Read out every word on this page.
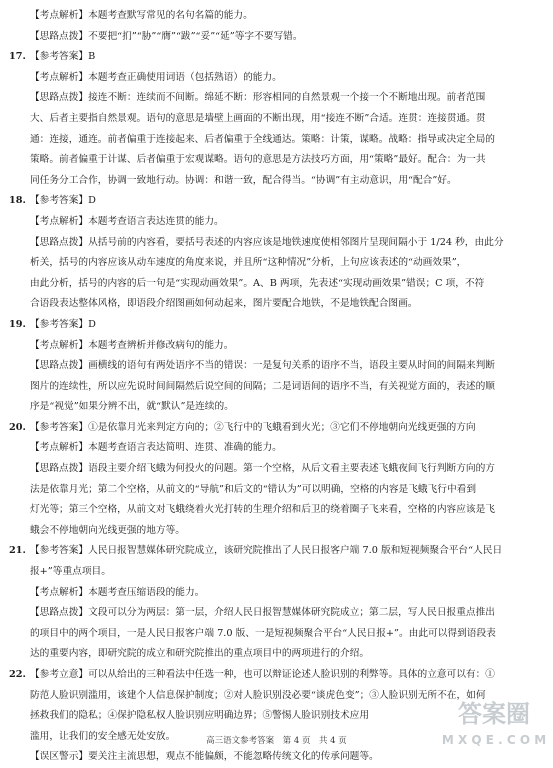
【考点解析】本题考查默写常见的名句名篇的能力。
【思路点拨】不要把“扪”“胁”“膺”“跋”“妥”“延”等字不要写错。
17. 【参考答案】B
【考点解析】本题考查正确使用词语（包括熟语）的能力。
【思路点拨】接连不断：连续而不间断。绵延不断：形容相同的自然景观一个接一个不断地出现。前者范围
大、后者主要指自然景观。语句的意思是墙壁上画面的不断出现，用“接连不断”合适。连贯：连接贯通。贯
通：连接，通连。前者偏重于连接起来、后者偏重于全线通达。策略：计策，谋略。战略：指导或决定全局的
策略。前者偏重于计谋、后者偏重于宏观谋略。语句的意思是方法技巧方面，用“策略”最好。配合：为一共
同任务分工合作，协调一致地行动。协调：和谐一致，配合得当。“协调”有主动意识，用“配合”好。
18. 【参考答案】D
【考点解析】本题考查语言表达连贯的能力。
【思路点拨】从括号前的内容看，要括号表述的内容应该是地铁速度使相邻图片呈现间隔小于 1/24 秒，由此分
析关，括号的内容应该从动车速度的角度来说，并且所“这种情况”分析，上句应该表述的“动画效果”，
由此分析，括号的内容的后一句是“实现动画效果”。A、B 两项，先表述“实现动画效果”错误；C 项，不符
合语段表达整体风格，即语段介绍图画如何动起来，图片要配合地铁，不是地铁配合图画。
19. 【参考答案】D
【考点解析】本题考查辨析并修改病句的能力。
【思路点拨】画横线的语句有两处语序不当的错误：一是复句关系的语序不当，语段主要从时间的间隔来判断
图片的连续性，所以应先说时间间隔然后说空间的间隔；二是词语间的语序不当，有关视觉方面的，表述的顺
序是“视觉”如果分辨不出，就“默认”是连续的。
20. 【参考答案】①是依靠月光来判定方向的；②飞行中的飞蛾看到火光；③它们不停地朝向光线更强的方向
【考点解析】本题考查语言表达简明、连贯、准确的能力。
【思路点拨】语段主要介绍飞蛾为何投火的问题。第一个空格，从后文看主要表述飞蛾夜间飞行判断方向的方
法是依靠月光；第二个空格，从前文的“导航”和后文的“错认为”可以明确，空格的内容是飞蛾飞行中看到
灯光等；第三个空格，从前文对飞蛾绕着火光打转的生理介绍和后卫的绕着圈子飞来看，空格的内容应该是飞
蛾会不停地朝向光线更强的地方等。
21. 【参考答案】人民日报智慧媒体研究院成立，该研究院推出了人民日报客户端 7.0 版和短视频聚合平台“人民日
报+”等重点项目。
【考点解析】本题考查压缩语段的能力。
【思路点拨】文段可以分为两层：第一层，介绍人民日报智慧媒体研究院成立；第二层，写人民日报重点推出
的项目中的两个项目，一是人民日报客户端 7.0 版、一是短视频聚合平台“人民日报+”。由此可以得到语段表
达的重要内容，即研究院的成立和研究院推出的重点项目中的两项进行的介绍。
22. 【参考立意】可以从给出的三种看法中任选一种，也可以辩证论述人脸识别的利弊等。具体的立意可以有：①
防范人脸识别滥用，该建个人信息保护制度；②对人脸识别没必要“谈虎色变”；③人脸识别无所不在，如何
拯救我们的隐私；④保护隐私权人脸识别应明确边界；⑤警惕人脸识别技术应用
滥用，让我们的安全感无处安放。
【误区警示】要关注主流思想，观点不能偏颇，不能忽略传统文化的传承问题等。
高三语文参考答案　第 4 页　共 4 页
答案圈
M X Q E . C O M
